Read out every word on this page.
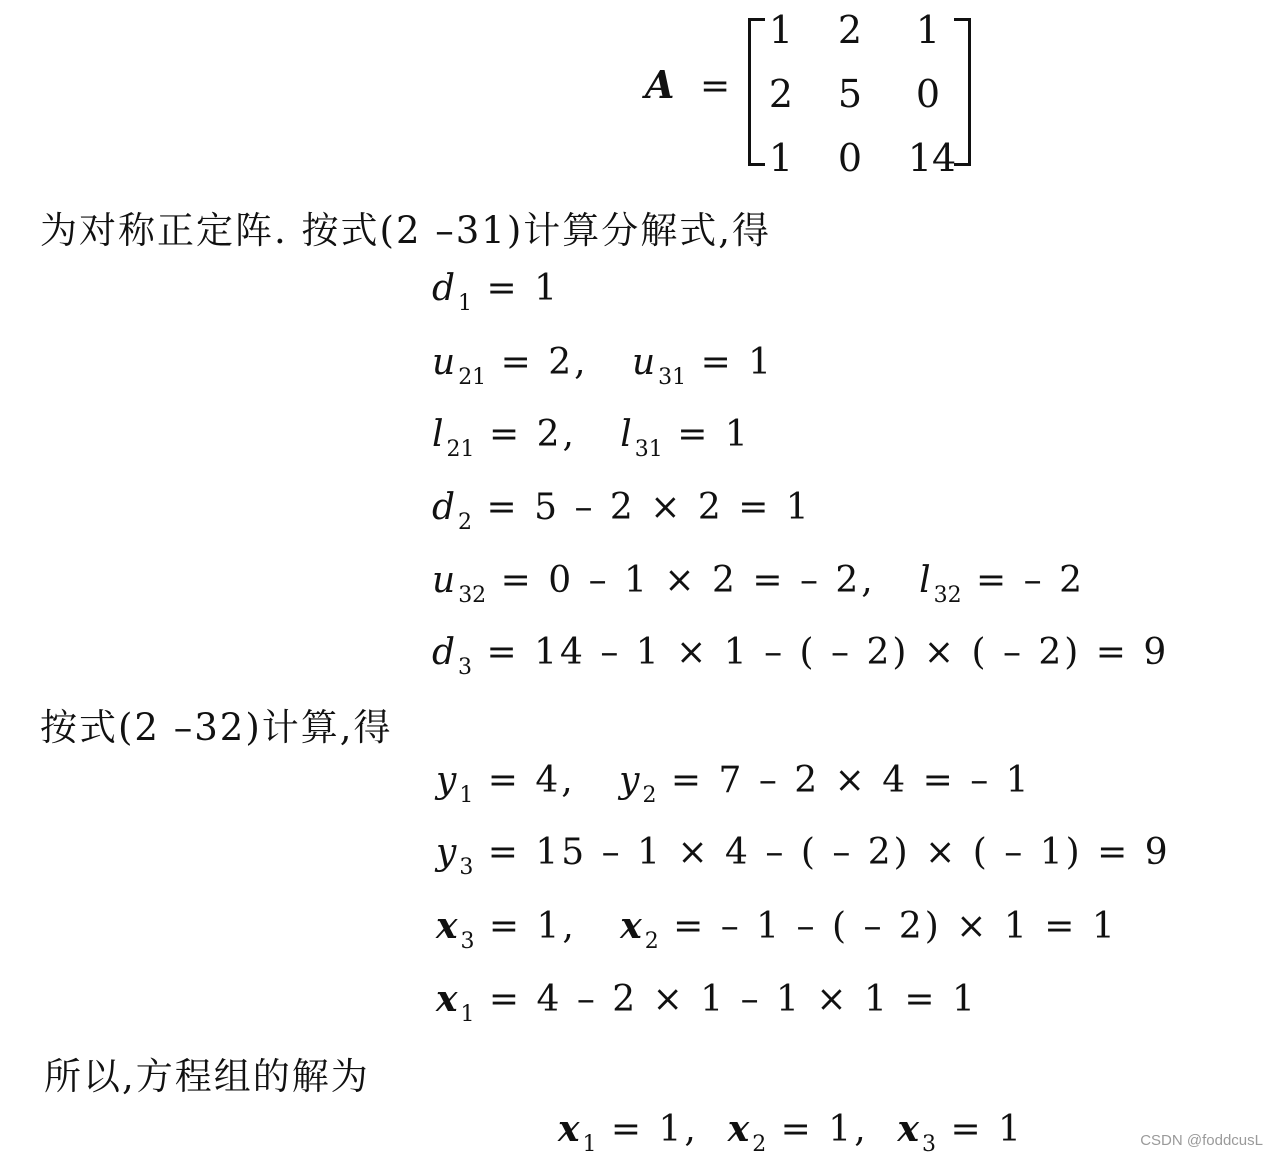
A =
1	2	1
2	5	0
1	0	14
为对称正定阵. 按式(2 –31)计算分解式,得
$d_1 = 1$
$u_{21} = 2$, $u_{31} = 1$
$l_{21} = 2$, $l_{31} = 1$
$d_2 = 5 - 2 \times 2 = 1$
$u_{32} = 0 - 1 \times 2$ = – 2, $l_{32}$ = – 2
$d_3 = 14 - 1 \times 1$ – ( – 2) × ( – 2) = 9
按式(2 –32)计算,得
$y_1 = 4$, $y_2 = 7 - 2 \times 4$ = – 1
$y_3 = 15 - 1 \times 4$ – ( – 2) × ( – 1) = 9
$x_3 = 1$, $x_2$ = – 1 – ( – 2) × 1 = 1
$x_1 = 4 - 2 \times 1 - 1 \times 1 = 1$
所以,方程组的解为
$x_1 = 1$, $x_2 = 1$, $x_3 = 1$	CSDN @foddcusL
